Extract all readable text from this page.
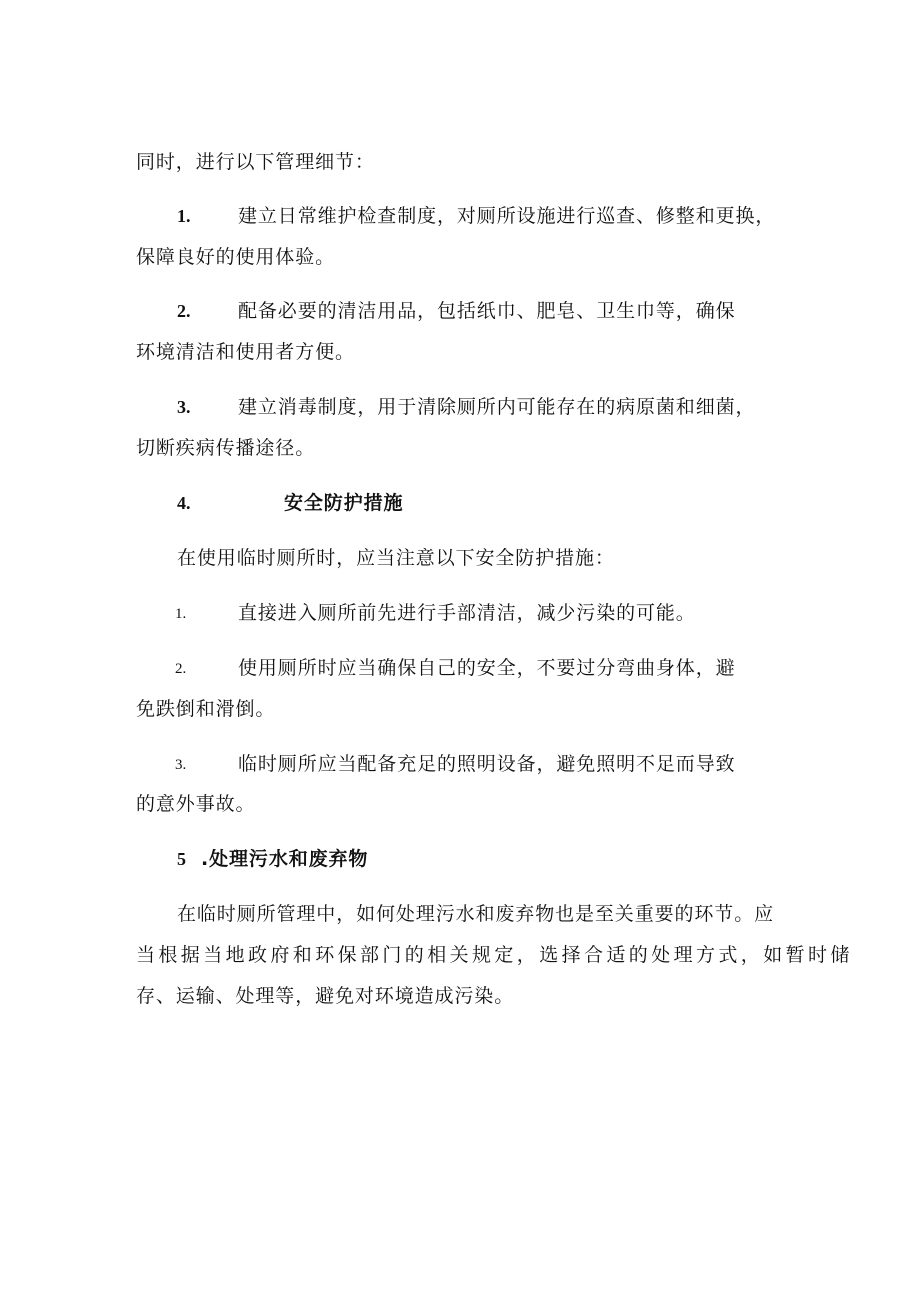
同时，进行以下管理细节：
1.	建立日常维护检查制度，对厕所设施进行巡查、修整和更换，
保障良好的使用体验。
2.	配备必要的清洁用品，包括纸巾、肥皂、卫生巾等，确保
环境清洁和使用者方便。
3.	建立消毒制度，用于清除厕所内可能存在的病原菌和细菌，
切断疾病传播途径。
4.	安全防护措施
在使用临时厕所时，应当注意以下安全防护措施：
1.	直接进入厕所前先进行手部清洁，减少污染的可能。
2.	使用厕所时应当确保自己的安全，不要过分弯曲身体，避
免跌倒和滑倒。
3.	临时厕所应当配备充足的照明设备，避免照明不足而导致
的意外事故。
5 .处理污水和废弃物
在临时厕所管理中，如何处理污水和废弃物也是至关重要的环节。应
当根据当地政府和环保部门的相关规定，选择合适的处理方式，如暂时储
存、运输、处理等，避免对环境造成污染。
